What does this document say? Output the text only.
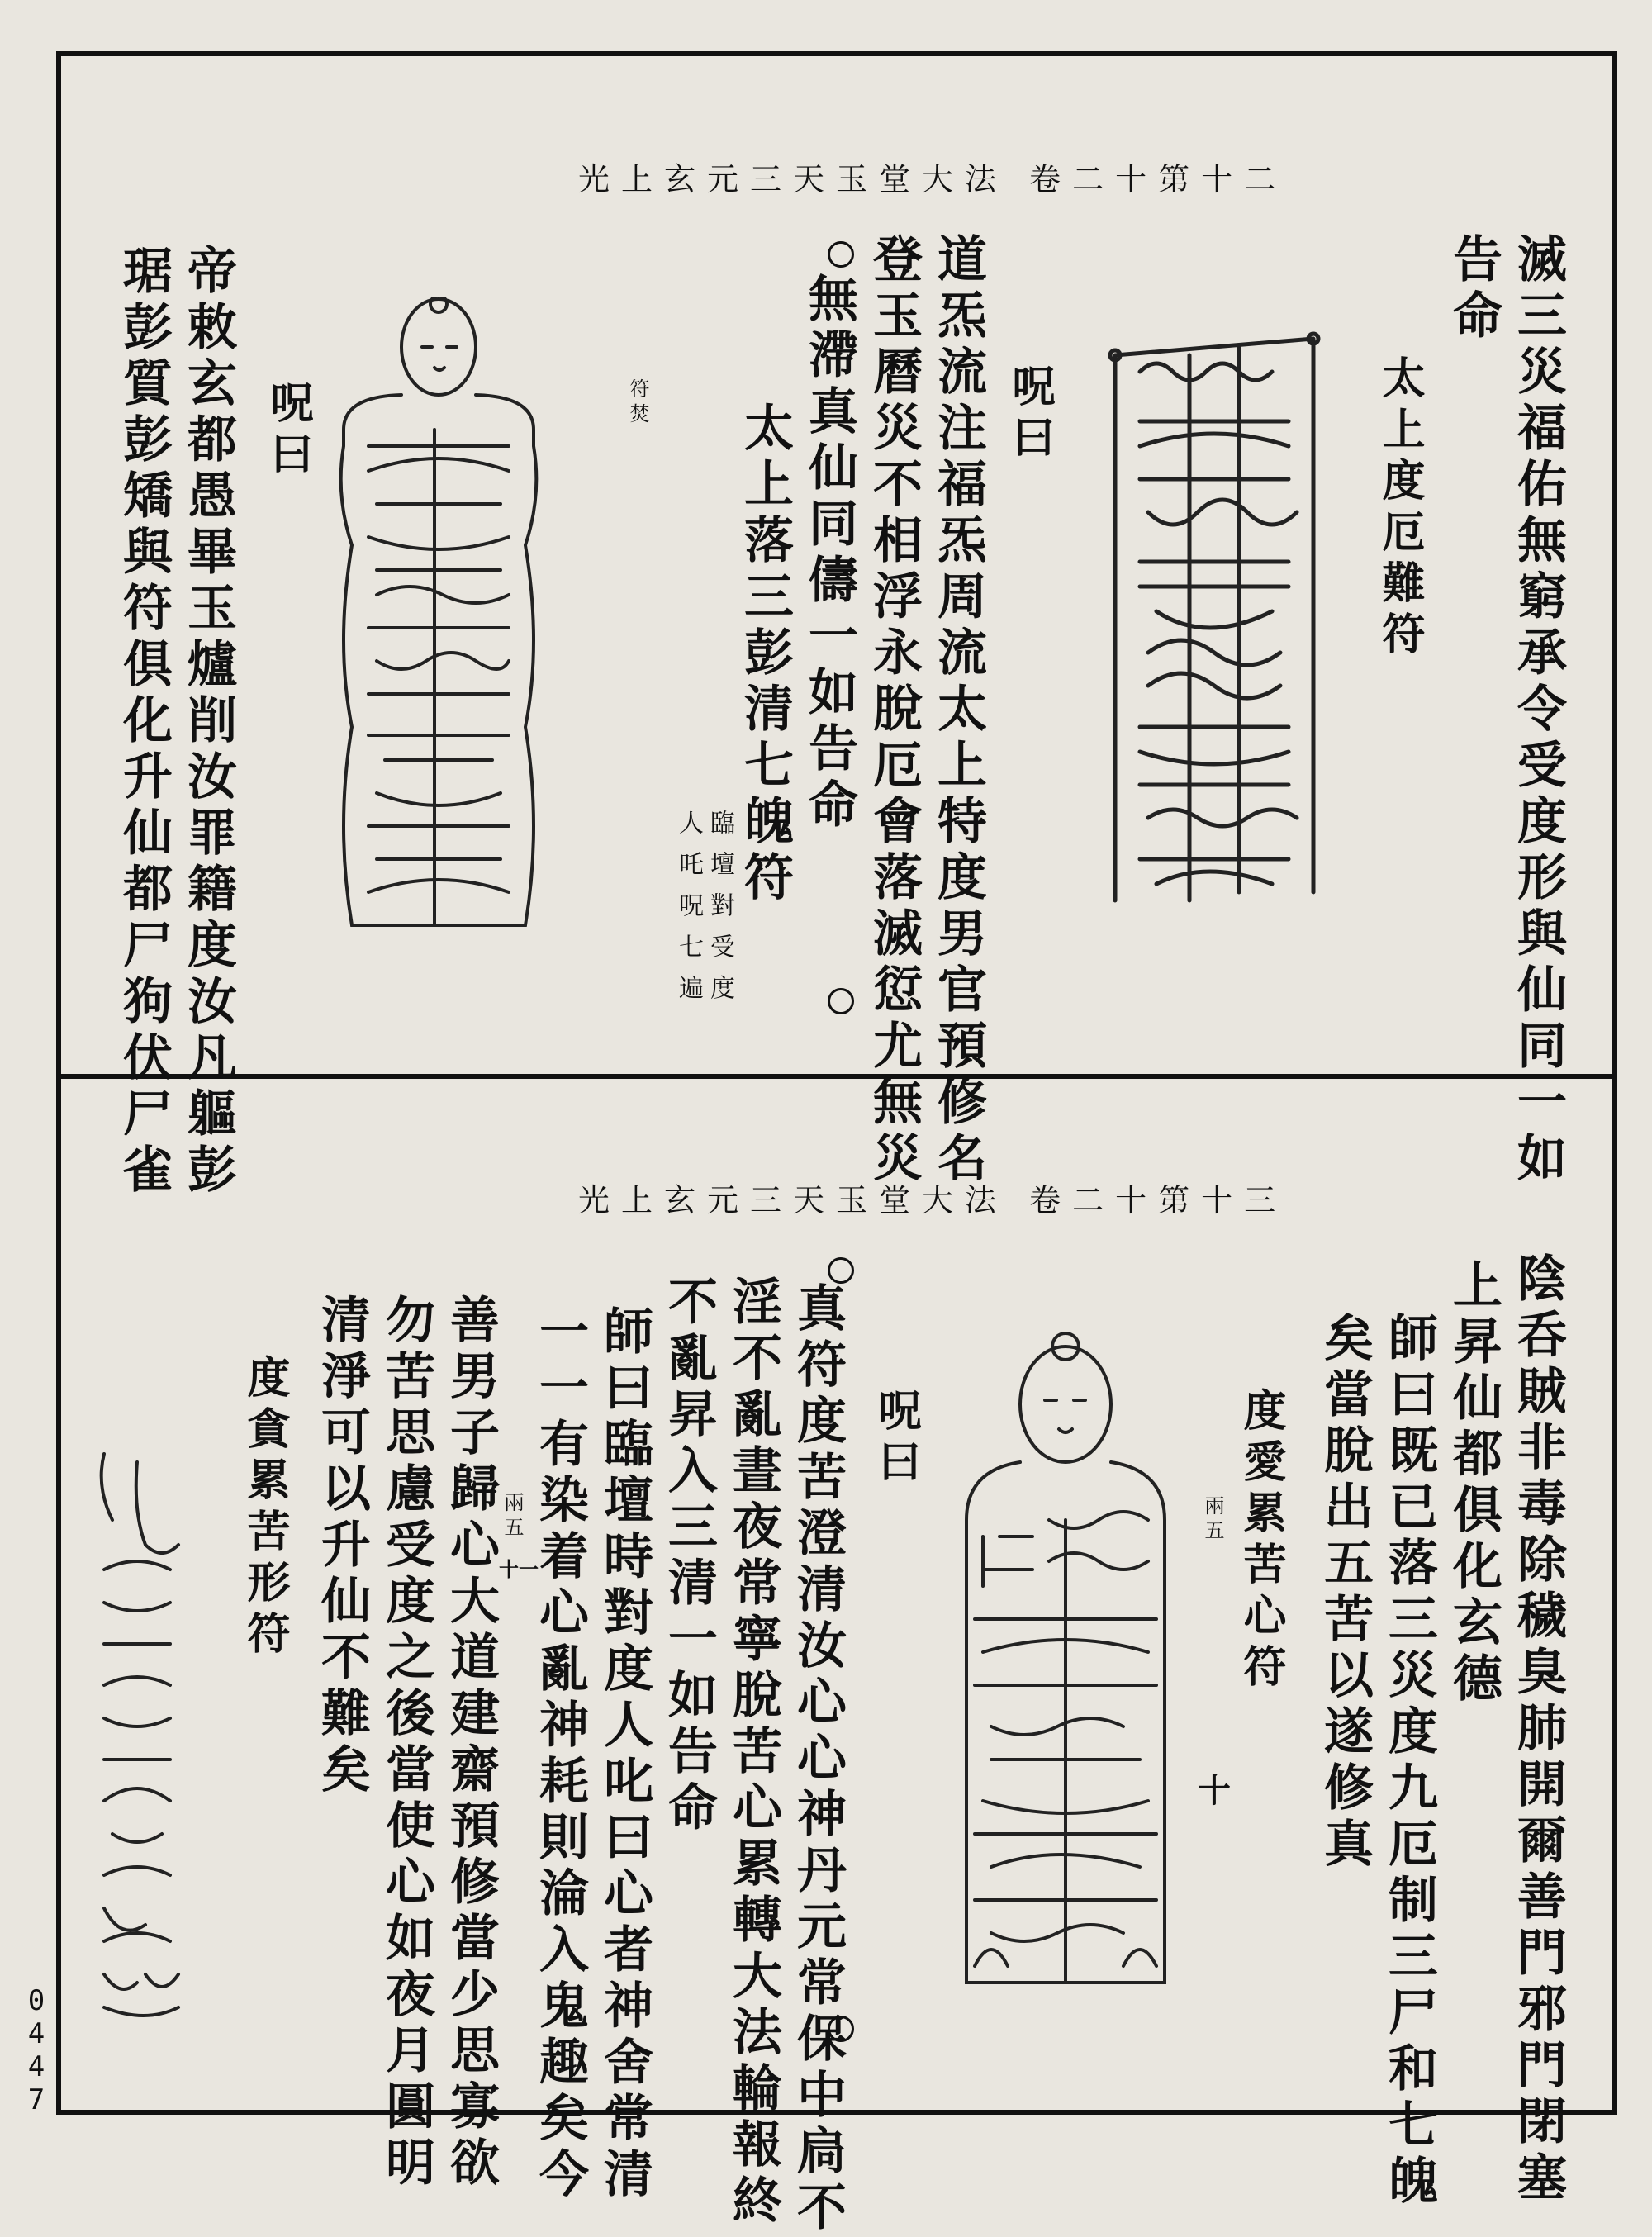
光上玄元三天玉堂大法 卷二十第十二
滅三災福佑無窮承令受度形與仙同一如
告命
太上度厄難符
呪曰
道炁流注福炁周流太上特度男官預修名
登玉曆災不相浮永脫厄會落滅愆尤無災
無滯真仙同儔一如告命
太上落三彭清七魄符
臨壇對受度
人吒呪七遍
符焚
呪曰
帝敕玄都愚畢玉爐削汝罪籍度汝凡軀彭
琚彭質彭矯與符俱化升仙都尸狗伏尸雀
光上玄元三天玉堂大法 卷二十第十三
陰呑賊非毒除穢臭肺開爾善門邪門閉塞
上昇仙都俱化玄德
師曰既已落三災度九厄制三尸和七魄
矣當脫出五苦以遂修真
度愛累苦心符
兩五
十
呪曰
真符度苦澄清汝心心神丹元常保中扃不
淫不亂晝夜常寧脫苦心累轉大法輪報終
不亂昇入三清一如告命
師曰臨壇時對度人叱曰心者神舍常清
一一有染着心亂神耗則淪入鬼趣矣今
兩五
十一
善男子歸心大道建齋預修當少思寡欲
勿苦思慮受度之後當使心如夜月圓明
清淨可以升仙不難矣
度貪累苦形符
0447
